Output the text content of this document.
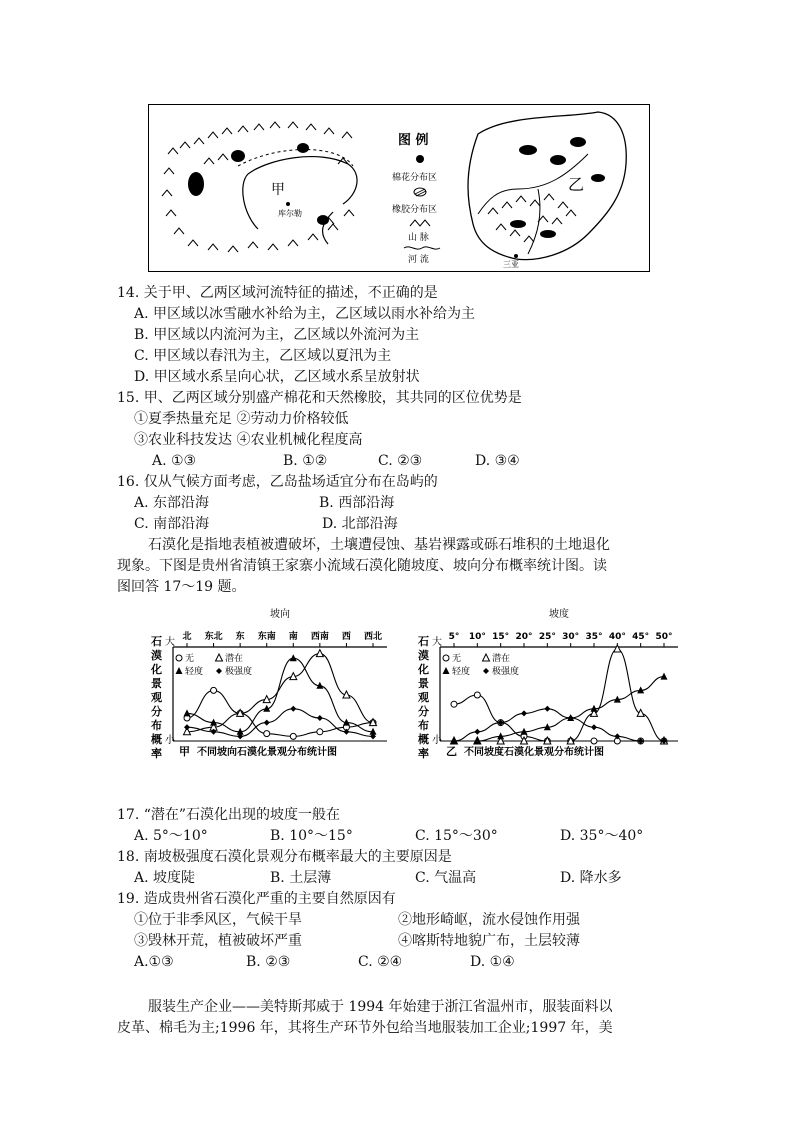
甲
库尔勒
图 例
棉花分布区
橡胶分布区
山 脉
河 流
乙
三亚
14. 关于甲、乙两区域河流特征的描述，不正确的是
A. 甲区域以冰雪融水补给为主，乙区域以雨水补给为主
B. 甲区域以内流河为主，乙区域以外流河为主
C. 甲区域以春汛为主，乙区域以夏汛为主
D. 甲区域水系呈向心状，乙区域水系呈放射状
15. 甲、乙两区域分别盛产棉花和天然橡胶，其共同的区位优势是
①夏季热量充足 ②劳动力价格较低
③农业科技发达 ④农业机械化程度高
A. ①③	B. ①②	C. ②③	D. ③④
16. 仅从气候方面考虑，乙岛盐场适宜分布在岛屿的
A. 东部沿海	B. 西部沿海
C. 南部沿海	D. 北部沿海
石漠化是指地表植被遭破坏，土壤遭侵蚀、基岩裸露或砾石堆积的土地退化
现象。下图是贵州省清镇王家寨小流域石漠化随坡度、坡向分布概率统计图。读
图回答 17～19 题。
坡向
北 东北 东 东南 南 西南 西 西北
石
漠
化
景
观
分
布
概
率
大
小
无	潜在
轻度 极强度
甲 不同坡向石漠化景观分布统计图
坡度
5° 10° 15° 20° 25° 30° 35° 40° 45° 50°
石
漠
化
景
观
分
布
概
率
大
小
无	潜在
轻度 极强度
乙 不同坡度石漠化景观分布统计图
17. “潜在”石漠化出现的坡度一般在
A. 5°～10°	B. 10°～15°	C. 15°～30°	D. 35°～40°
18. 南坡极强度石漠化景观分布概率最大的主要原因是
A. 坡度陡	B. 土层薄	C. 气温高	D. 降水多
19. 造成贵州省石漠化严重的主要自然原因有
①位于非季风区，气候干旱	②地形崎岖，流水侵蚀作用强
③毁林开荒，植被破坏严重	④喀斯特地貌广布，土层较薄
A.①③	B. ②③	C. ②④	D. ①④
服装生产企业——美特斯邦威于 1994 年始建于浙江省温州市，服装面料以
皮革、棉毛为主;1996 年，其将生产环节外包给当地服装加工企业;1997 年，美
